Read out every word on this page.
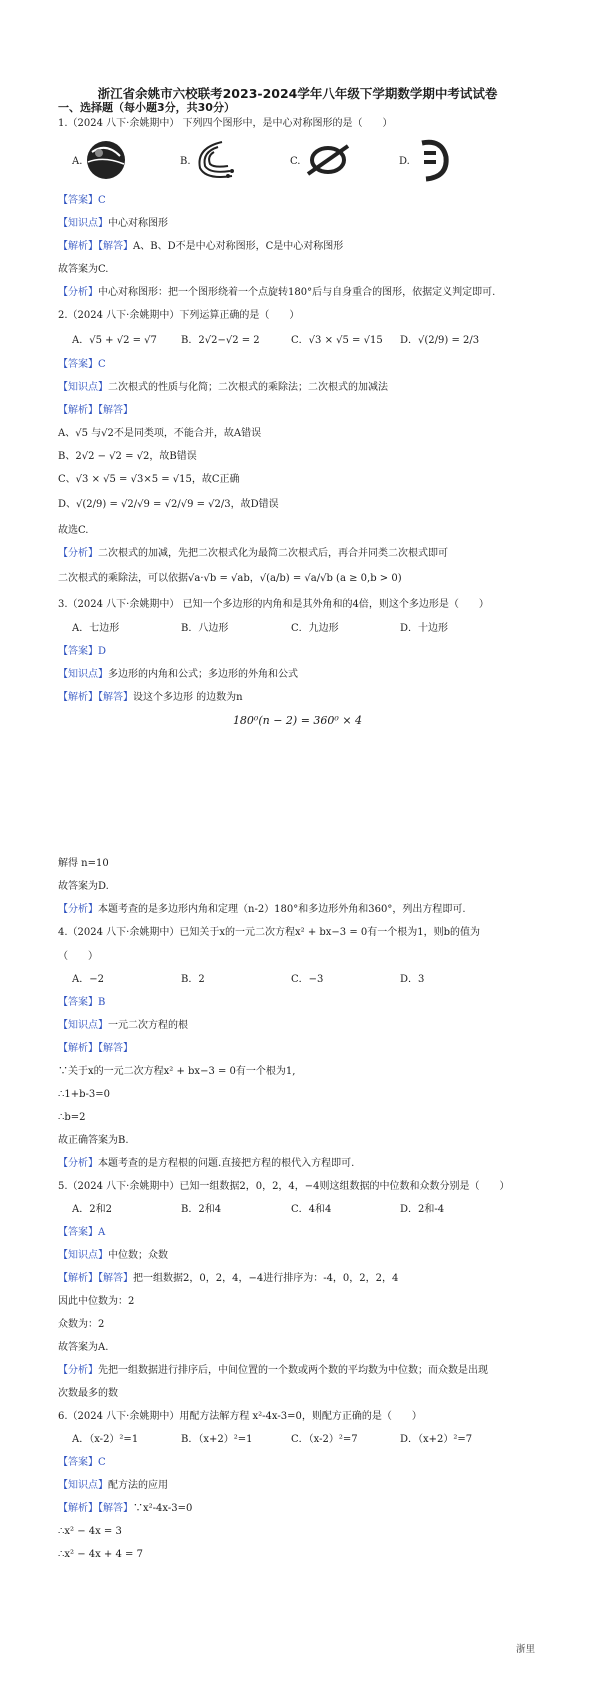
浙江省余姚市六校联考2023-2024学年八年级下学期数学期中考试试卷
一、选择题（每小题3分，共30分）
1.（2024 八下·余姚期中） 下列四个图形中，是中心对称图形的是（　　）
A.	B.	C.	D.
【答案】C
【知识点】中心对称图形
【解析】【解答】A、B、D不是中心对称图形，C是中心对称图形
故答案为C.
【分析】中心对称图形：把一个图形绕着一个点旋转180°后与自身重合的图形，依据定义判定即可.
2.（2024 八下·余姚期中）下列运算正确的是（　　）
A．√5 + √2 = √7 B．2√2−√2 = 2	C．√3 × √5 = √15 D．√(2/9) = 2/3
【答案】C
【知识点】二次根式的性质与化简；二次根式的乘除法；二次根式的加减法
【解析】【解答】
A、√5 与√2不是同类项，不能合并，故A错误
B、2√2 − √2 = √2，故B错误
C、√3 × √5 = √3×5 = √15，故C正确
D、√(2/9) = √2/√9 = √2/√9 = √2/3，故D错误
故选C.
【分析】二次根式的加减，先把二次根式化为最简二次根式后，再合并同类二次根式即可
二次根式的乘除法，可以依据√a·√b = √ab，√(a/b) = √a/√b (a ≥ 0,b > 0)
3.（2024 八下·余姚期中） 已知一个多边形的内角和是其外角和的4倍，则这个多边形是（　　）
A．七边形	B．八边形	C．九边形	D．十边形
【答案】D
【知识点】多边形的内角和公式；多边形的外角和公式
【解析】【解答】设这个多边形 的边数为n
180⁰(n − 2) = 360⁰ × 4
解得 n=10
故答案为D.
【分析】本题考查的是多边形内角和定理（n-2）180°和多边形外角和360°，列出方程即可.
4.（2024 八下·余姚期中）已知关于x的一元二次方程x² + bx−3 = 0有一个根为1，则b的值为
（　　）
A．−2	B．2	C．−3	D．3
【答案】B
【知识点】一元二次方程的根
【解析】【解答】
∵关于x的一元二次方程x² + bx−3 = 0有一个根为1,
∴1+b-3=0
∴b=2
故正确答案为B.
【分析】本题考查的是方程根的问题.直接把方程的根代入方程即可.
5.（2024 八下·余姚期中）已知一组数据2，0，2，4，−4则这组数据的中位数和众数分别是（　　）
A．2和2	B．2和4	C．4和4	D．2和-4
【答案】A
【知识点】中位数；众数
【解析】【解答】把一组数据2，0，2，4，−4进行排序为：-4，0，2，2，4
因此中位数为：2
众数为：2
故答案为A.
【分析】先把一组数据进行排序后，中间位置的一个数或两个数的平均数为中位数；而众数是出现
次数最多的数
6.（2024 八下·余姚期中）用配方法解方程 x²-4x-3=0，则配方正确的是（　　）
A．（x-2）²=1	B．（x+2）²=1	C．（x-2）²=7	D．（x+2）²=7
【答案】C
【知识点】配方法的应用
【解析】【解答】∵x²-4x-3=0
∴x² − 4x = 3
∴x² − 4x + 4 = 7
浙里
